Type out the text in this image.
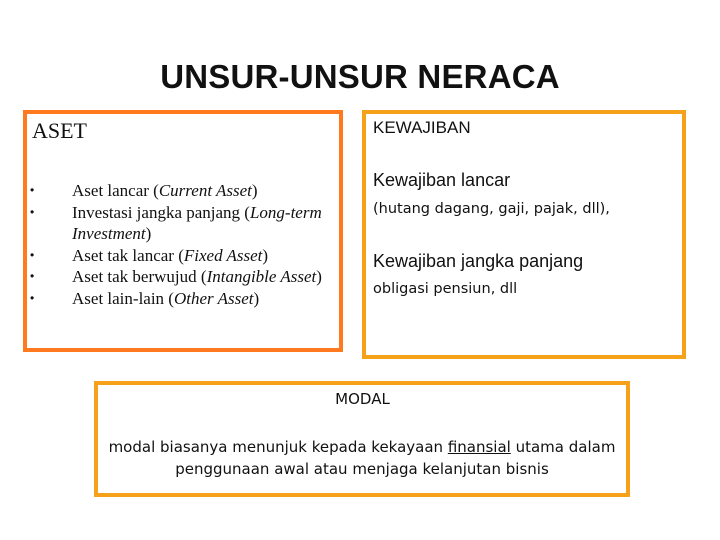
UNSUR-UNSUR NERACA
ASET
•	Aset lancar (Current Asset)
•	Investasi jangka panjang (Long-term Investment)
•	Aset tak lancar (Fixed Asset)
•	Aset tak berwujud (Intangible Asset)
•	Aset lain-lain (Other Asset)
KEWAJIBAN
Kewajiban lancar
(hutang dagang, gaji, pajak, dll),
Kewajiban jangka panjang
obligasi pensiun, dll
MODAL
modal biasanya menunjuk kepada kekayaan finansial utama dalam penggunaan awal atau menjaga kelanjutan bisnis
